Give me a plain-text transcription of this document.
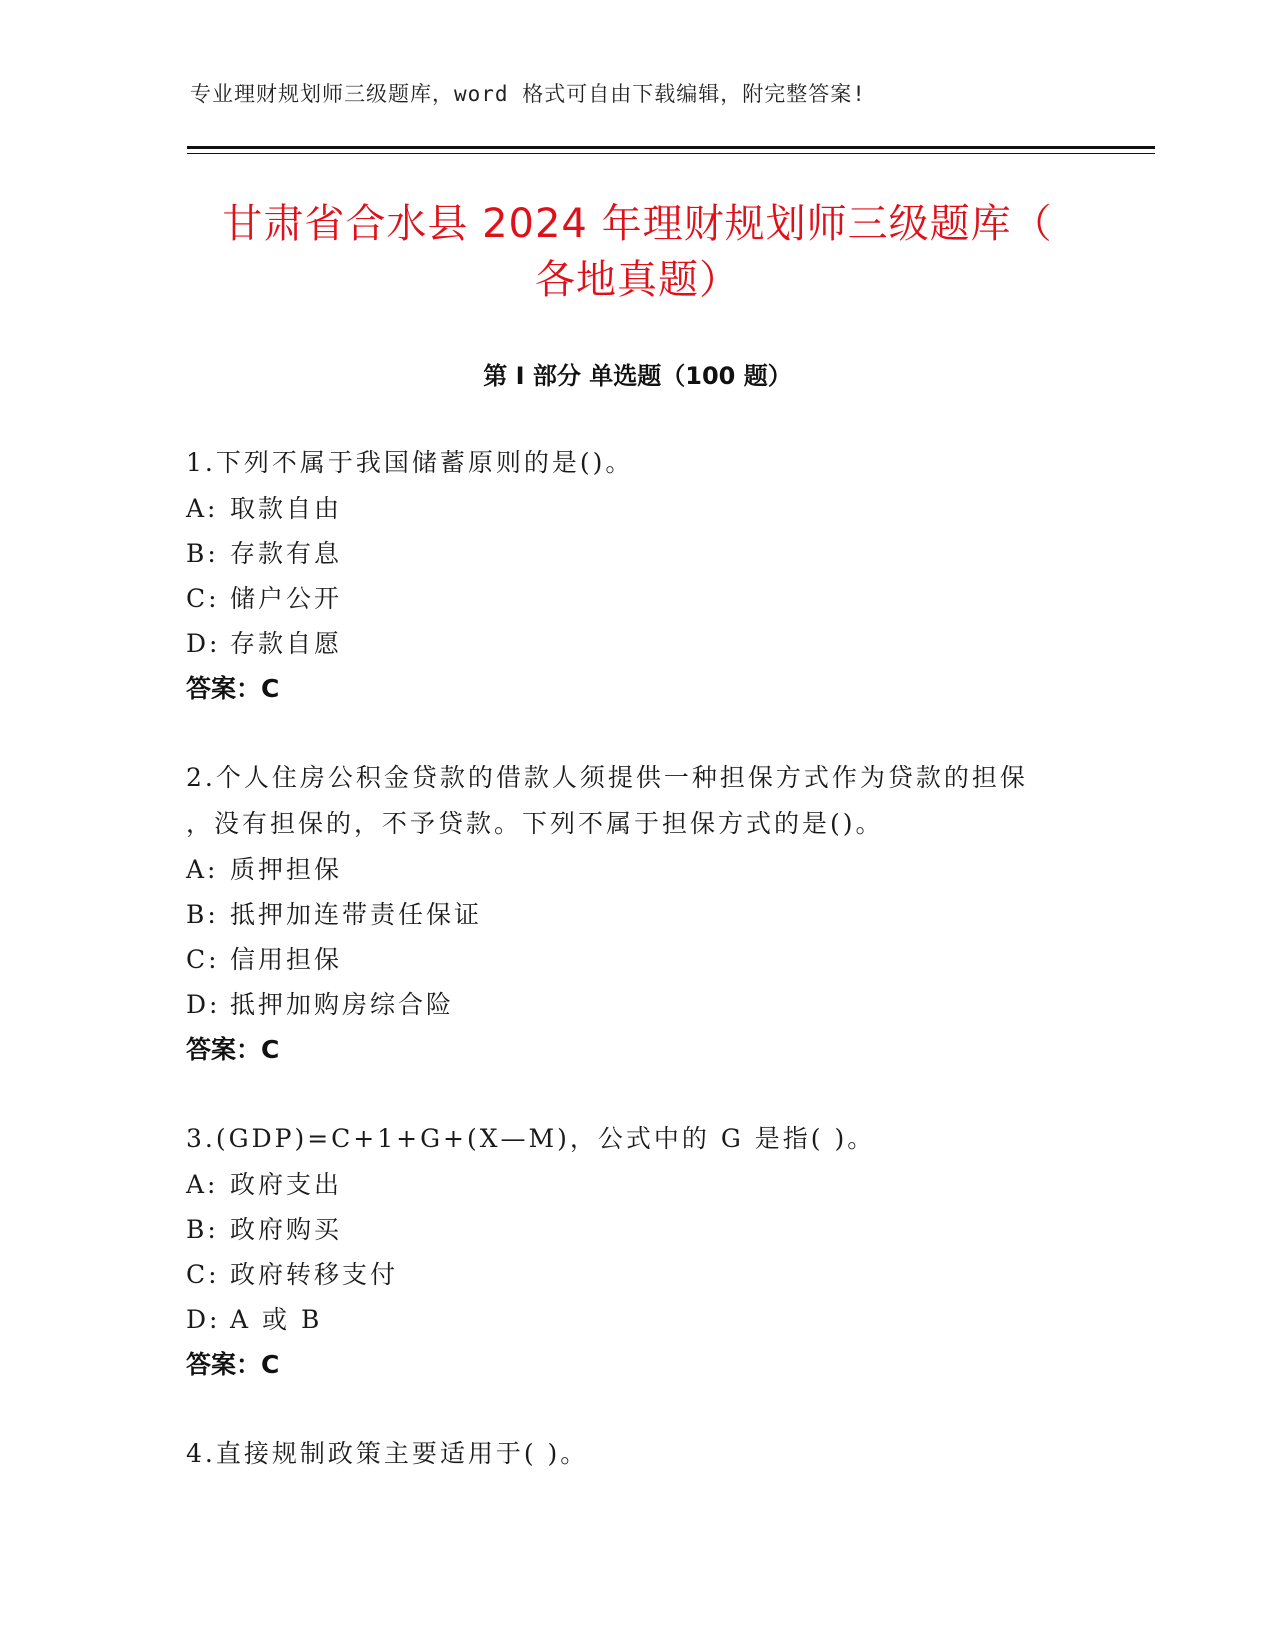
专业理财规划师三级题库，word 格式可自由下载编辑，附完整答案!
甘肃省合水县 2024 年理财规划师三级题库（
各地真题）
第 I 部分 单选题（100 题）

1.下列不属于我国储蓄原则的是()。

A: 取款自由

B: 存款有息

C: 储户公开

D: 存款自愿

答案：C

2.个人住房公积金贷款的借款人须提供一种担保方式作为贷款的担保

，没有担保的，不予贷款。下列不属于担保方式的是()。

A: 质押担保

B: 抵押加连带责任保证

C: 信用担保

D: 抵押加购房综合险

答案：C

3.(GDP)=C+1+G+(X—M)，公式中的 G 是指( )。

A: 政府支出

B: 政府购买

C: 政府转移支付

D: A 或 B

答案：C

4.直接规制政策主要适用于( )。
